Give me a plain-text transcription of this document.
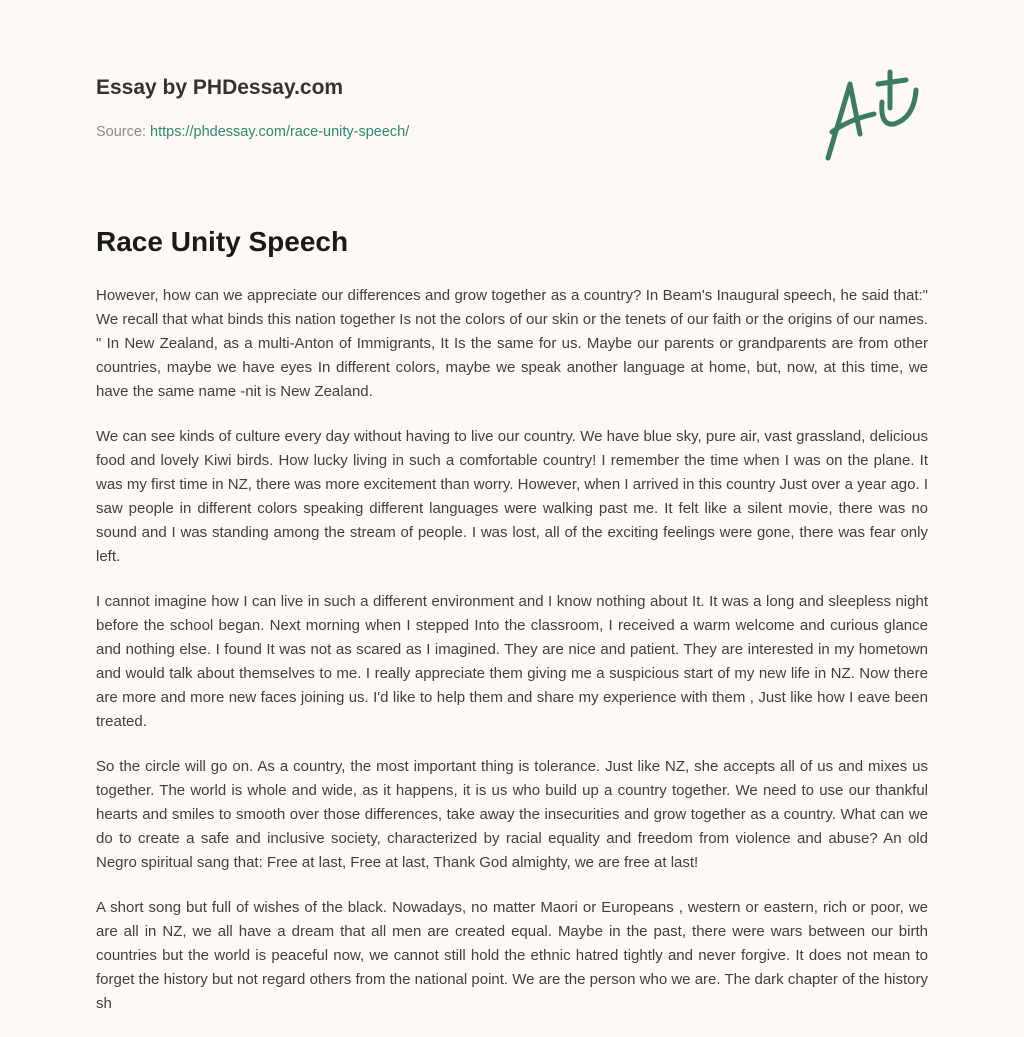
Essay by PHDessay.com
Source: https://phdessay.com/race-unity-speech/
Race Unity Speech

However, how can we appreciate our differences and grow together as a country? In Beam's Inaugural speech, he said that:" We recall that what binds this nation together Is not the colors of our skin or the tenets of our faith or the origins of our names. " In New Zealand, as a multi-Anton of Immigrants, It Is the same for us. Maybe our parents or grandparents are from other countries, maybe we have eyes In different colors, maybe we speak another language at home, but, now, at this time, we have the same name -nit is New Zealand.

We can see kinds of culture every day without having to live our country. We have blue sky, pure air, vast grassland, delicious food and lovely Kiwi birds. How lucky living in such a comfortable country! I remember the time when I was on the plane. It was my first time in NZ, there was more excitement than worry. However, when I arrived in this country Just over a year ago. I saw people in different colors speaking different languages were walking past me. It felt like a silent movie, there was no sound and I was standing among the stream of people. I was lost, all of the exciting feelings were gone, there was fear only left.

I cannot imagine how I can live in such a different environment and I know nothing about It. It was a long and sleepless night before the school began. Next morning when I stepped Into the classroom, I received a warm welcome and curious glance and nothing else. I found It was not as scared as I imagined. They are nice and patient. They are interested in my hometown and would talk about themselves to me. I really appreciate them giving me a suspicious start of my new life in NZ. Now there are more and more new faces joining us. I'd like to help them and share my experience with them , Just like how I eave been treated.

So the circle will go on. As a country, the most important thing is tolerance. Just like NZ, she accepts all of us and mixes us together. The world is whole and wide, as it happens, it is us who build up a country together. We need to use our thankful hearts and smiles to smooth over those differences, take away the insecurities and grow together as a country. What can we do to create a safe and inclusive society, characterized by racial equality and freedom from violence and abuse? An old Negro spiritual sang that: Free at last, Free at last, Thank God almighty, we are free at last!

A short song but full of wishes of the black. Nowadays, no matter Maori or Europeans , western or eastern, rich or poor, we are all in NZ, we all have a dream that all men are created equal. Maybe in the past, there were wars between our birth countries but the world is peaceful now, we cannot still hold the ethnic hatred tightly and never forgive. It does not mean to forget the history but not regard others from the national point. We are the person who we are. The dark chapter of the history sh
